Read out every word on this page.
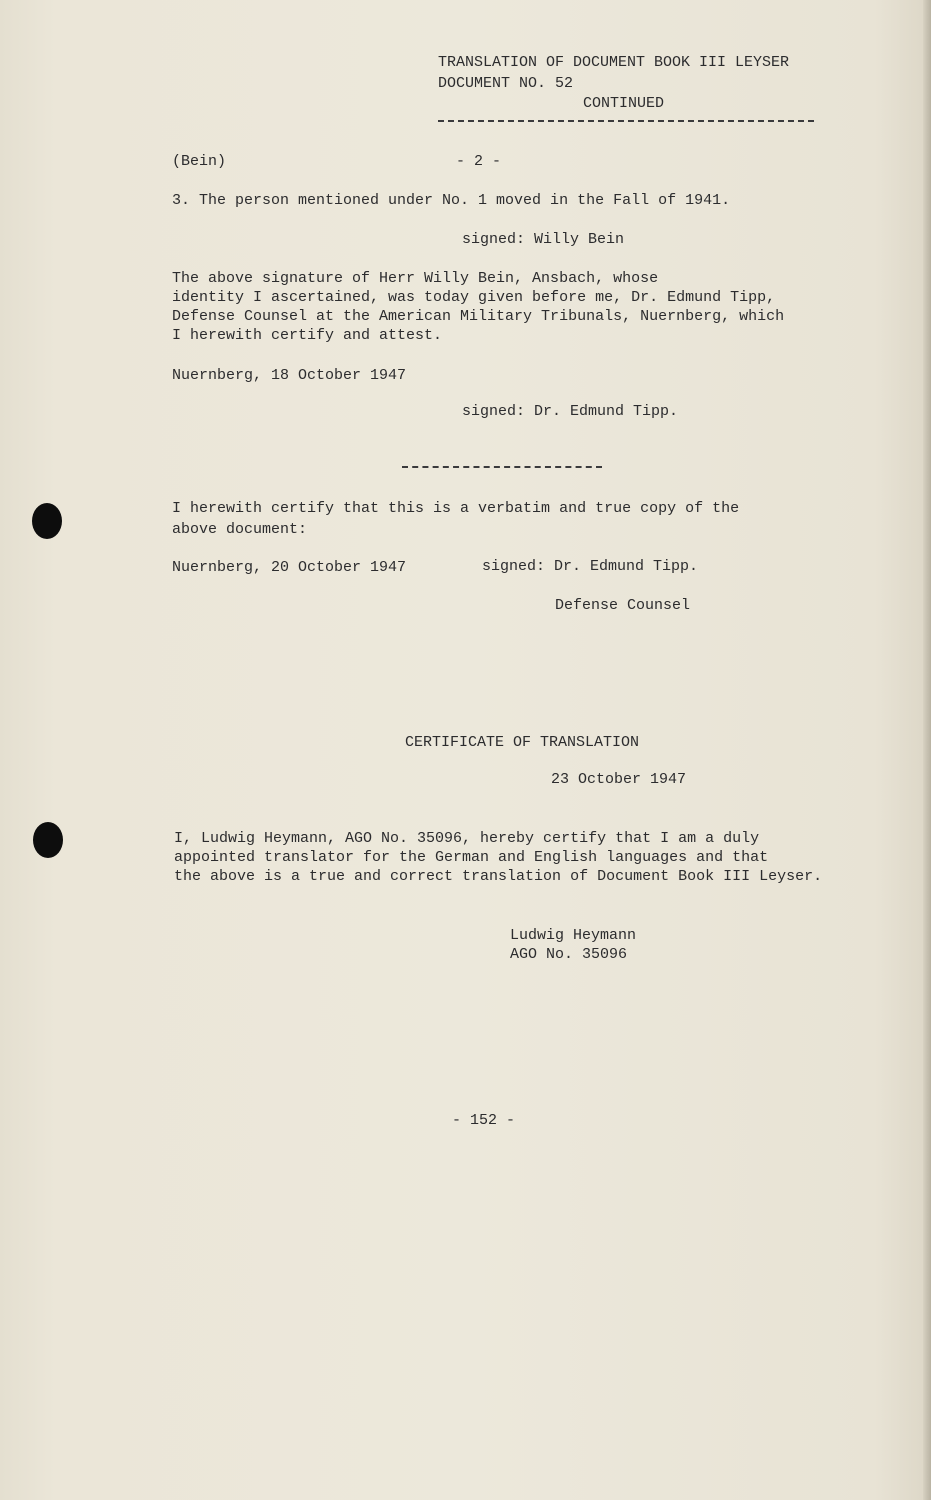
TRANSLATION OF DOCUMENT BOOK III LEYSER
DOCUMENT NO. 52
CONTINUED
(Bein)	- 2 -
3. The person mentioned under No. 1 moved in the Fall of 1941.
signed: Willy Bein
The above signature of Herr Willy Bein, Ansbach, whose
identity I ascertained, was today given before me, Dr. Edmund Tipp,
Defense Counsel at the American Military Tribunals, Nuernberg, which
I herewith certify and attest.
Nuernberg, 18 October 1947
signed: Dr. Edmund Tipp.
I herewith certify that this is a verbatim and true copy of the
above document:
Nuernberg, 20 October 1947	signed: Dr. Edmund Tipp.
Defense Counsel
CERTIFICATE OF TRANSLATION
23 October 1947
I, Ludwig Heymann, AGO No. 35096, hereby certify that I am a duly
appointed translator for the German and English languages and that
the above is a true and correct translation of Document Book III Leyser.
Ludwig Heymann
AGO No. 35096
- 152 -
